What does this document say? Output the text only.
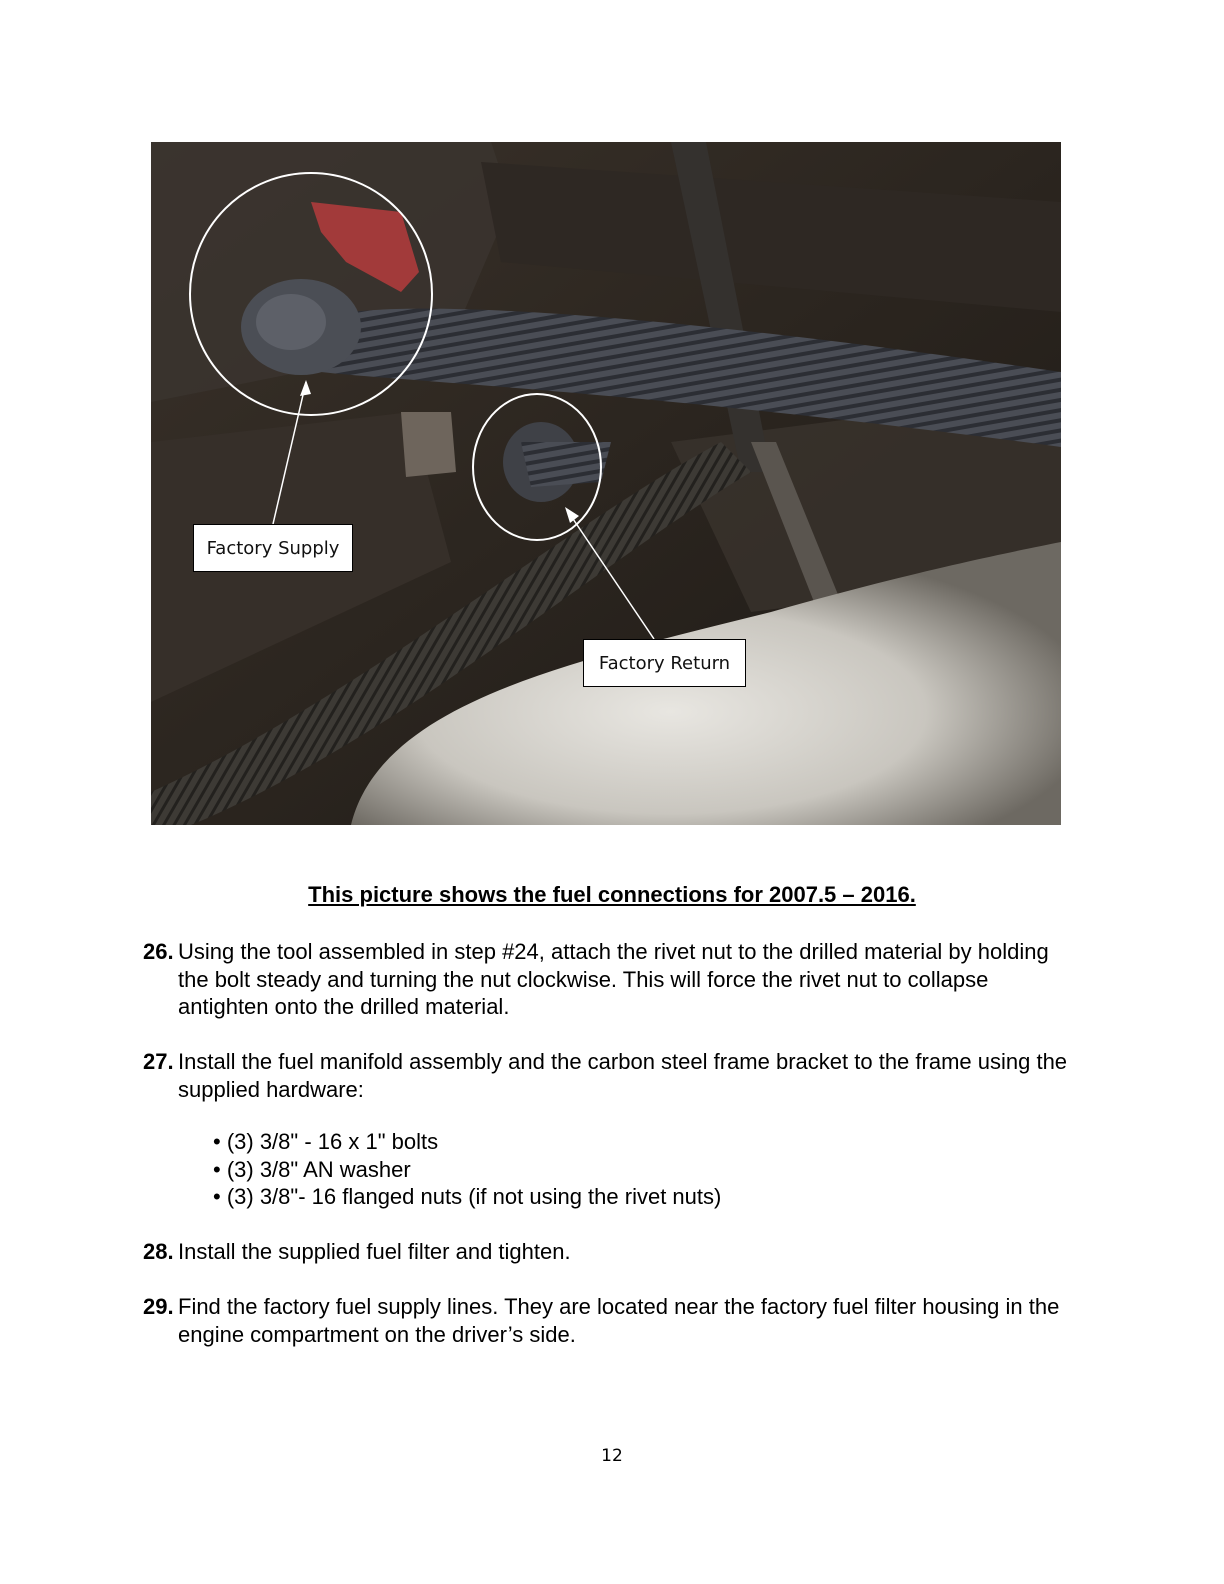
Factory Supply
Factory Return
This picture shows the fuel connections for 2007.5 – 2016.
26. Using the tool assembled in step #24, attach the rivet nut to the drilled material by holding the bolt steady and turning the nut clockwise. This will force the rivet nut to collapse antighten onto the drilled material.
27. Install the fuel manifold assembly and the carbon steel frame bracket to the frame using the supplied hardware:
• (3) 3/8" - 16 x 1" bolts
• (3) 3/8" AN washer
• (3) 3/8"- 16 flanged nuts (if not using the rivet nuts)
28. Install the supplied fuel filter and tighten.
29. Find the factory fuel supply lines. They are located near the factory fuel filter housing in the engine compartment on the driver’s side.
12
